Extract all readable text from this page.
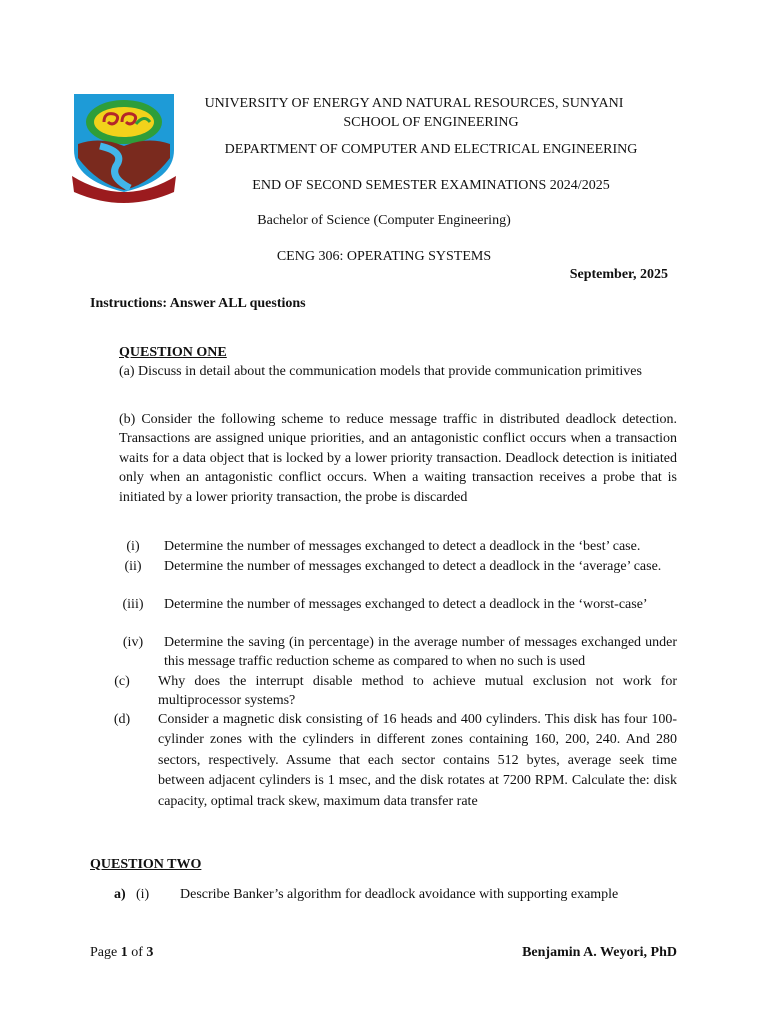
UNIVERSITY OF ENERGY AND NATURAL RESOURCES, SUNYANI
SCHOOL OF ENGINEERING
DEPARTMENT OF COMPUTER AND ELECTRICAL ENGINEERING
END OF SECOND SEMESTER EXAMINATIONS 2024/2025
Bachelor of Science (Computer Engineering)
CENG 306: OPERATING SYSTEMS
September, 2025
Instructions: Answer ALL questions
QUESTION ONE
(a) Discuss in detail about the communication models that provide communication primitives
(b) Consider the following scheme to reduce message traffic in distributed deadlock detection. Transactions are assigned unique priorities, and an antagonistic conflict occurs when a transaction waits for a data object that is locked by a lower priority transaction. Deadlock detection is initiated only when an antagonistic conflict occurs. When a waiting transaction receives a probe that is initiated by a lower priority transaction, the probe is discarded
(i)	Determine the number of messages exchanged to detect a deadlock in the ‘best’ case.
(ii)	Determine the number of messages exchanged to detect a deadlock in the ‘average’ case.
(iii)	Determine the number of messages exchanged to detect a deadlock in the ‘worst-case’
(iv)	Determine the saving (in percentage) in the average number of messages exchanged under this message traffic reduction scheme as compared to when no such is used
(c)	Why does the interrupt disable method to achieve mutual exclusion not work for multiprocessor systems?
(d)	Consider a magnetic disk consisting of 16 heads and 400 cylinders. This disk has four 100-cylinder zones with the cylinders in different zones containing 160, 200, 240. And 280 sectors, respectively. Assume that each sector contains 512 bytes, average seek time between adjacent cylinders is 1 msec, and the disk rotates at 7200 RPM. Calculate the: disk capacity, optimal track skew, maximum data transfer rate
QUESTION TWO
a) (i) Describe Banker’s algorithm for deadlock avoidance with supporting example
Page 1 of 3	Benjamin A. Weyori, PhD
